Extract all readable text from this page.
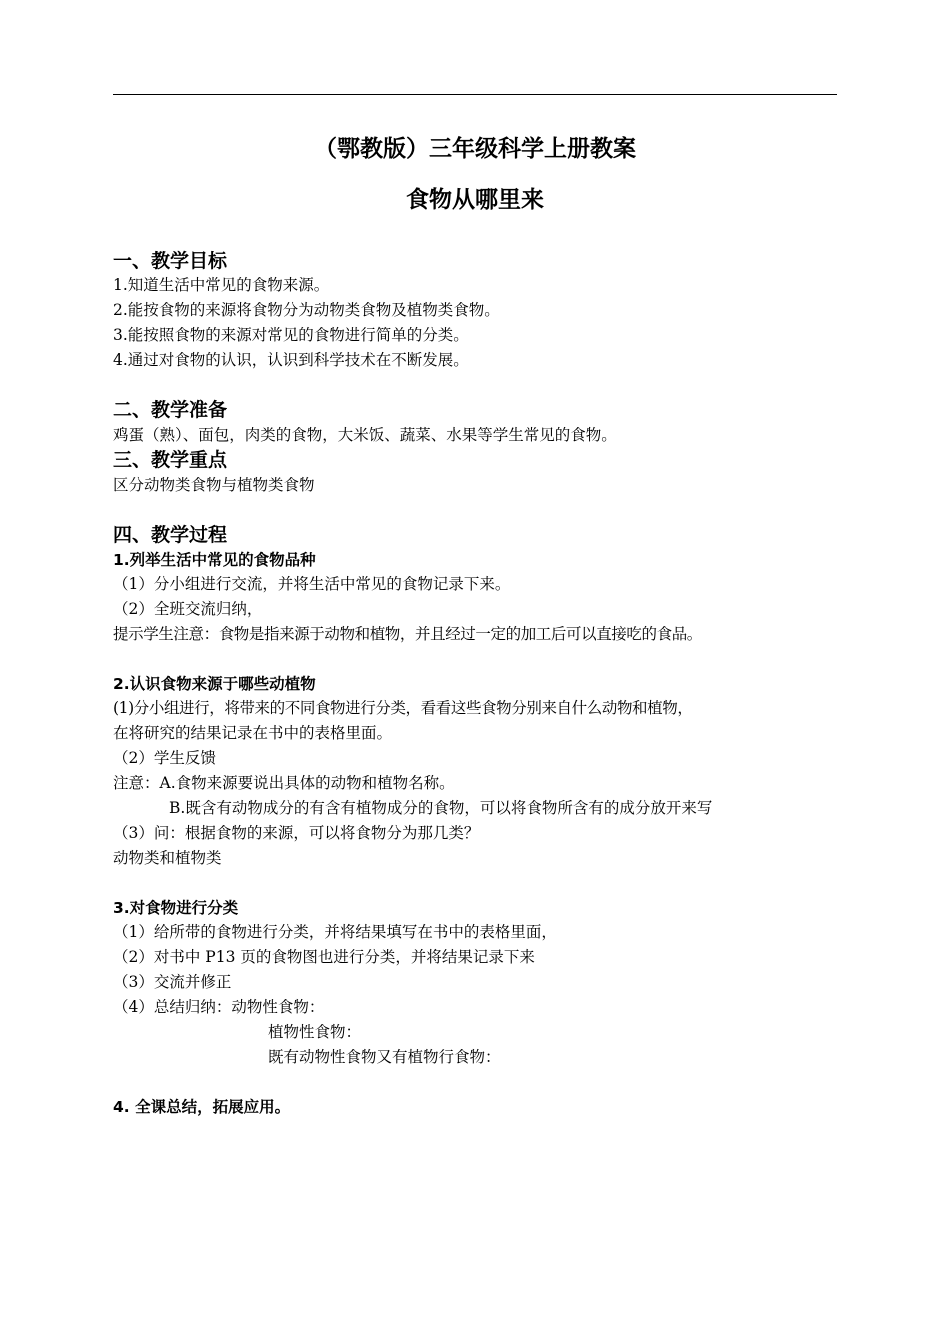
（鄂教版）三年级科学上册教案
食物从哪里来
一、教学目标
1.知道生活中常见的食物来源。
2.能按食物的来源将食物分为动物类食物及植物类食物。
3.能按照食物的来源对常见的食物进行简单的分类。
4.通过对食物的认识，认识到科学技术在不断发展。
二、教学准备
鸡蛋（熟）、面包，肉类的食物，大米饭、蔬菜、水果等学生常见的食物。
三、教学重点
区分动物类食物与植物类食物
四、教学过程
1.列举生活中常见的食物品种
（1）分小组进行交流，并将生活中常见的食物记录下来。
（2）全班交流归纳，
提示学生注意：食物是指来源于动物和植物，并且经过一定的加工后可以直接吃的食品。
2.认识食物来源于哪些动植物
(1)分小组进行，将带来的不同食物进行分类，看看这些食物分别来自什么动物和植物，
在将研究的结果记录在书中的表格里面。
（2）学生反馈
注意：A.食物来源要说出具体的动物和植物名称。
B.既含有动物成分的有含有植物成分的食物，可以将食物所含有的成分放开来写
（3）问：根据食物的来源，可以将食物分为那几类？
动物类和植物类
3.对食物进行分类
（1）给所带的食物进行分类，并将结果填写在书中的表格里面，
（2）对书中 P13 页的食物图也进行分类，并将结果记录下来
（3）交流并修正
（4）总结归纳：动物性食物：
植物性食物：
既有动物性食物又有植物行食物：
4. 全课总结，拓展应用。
